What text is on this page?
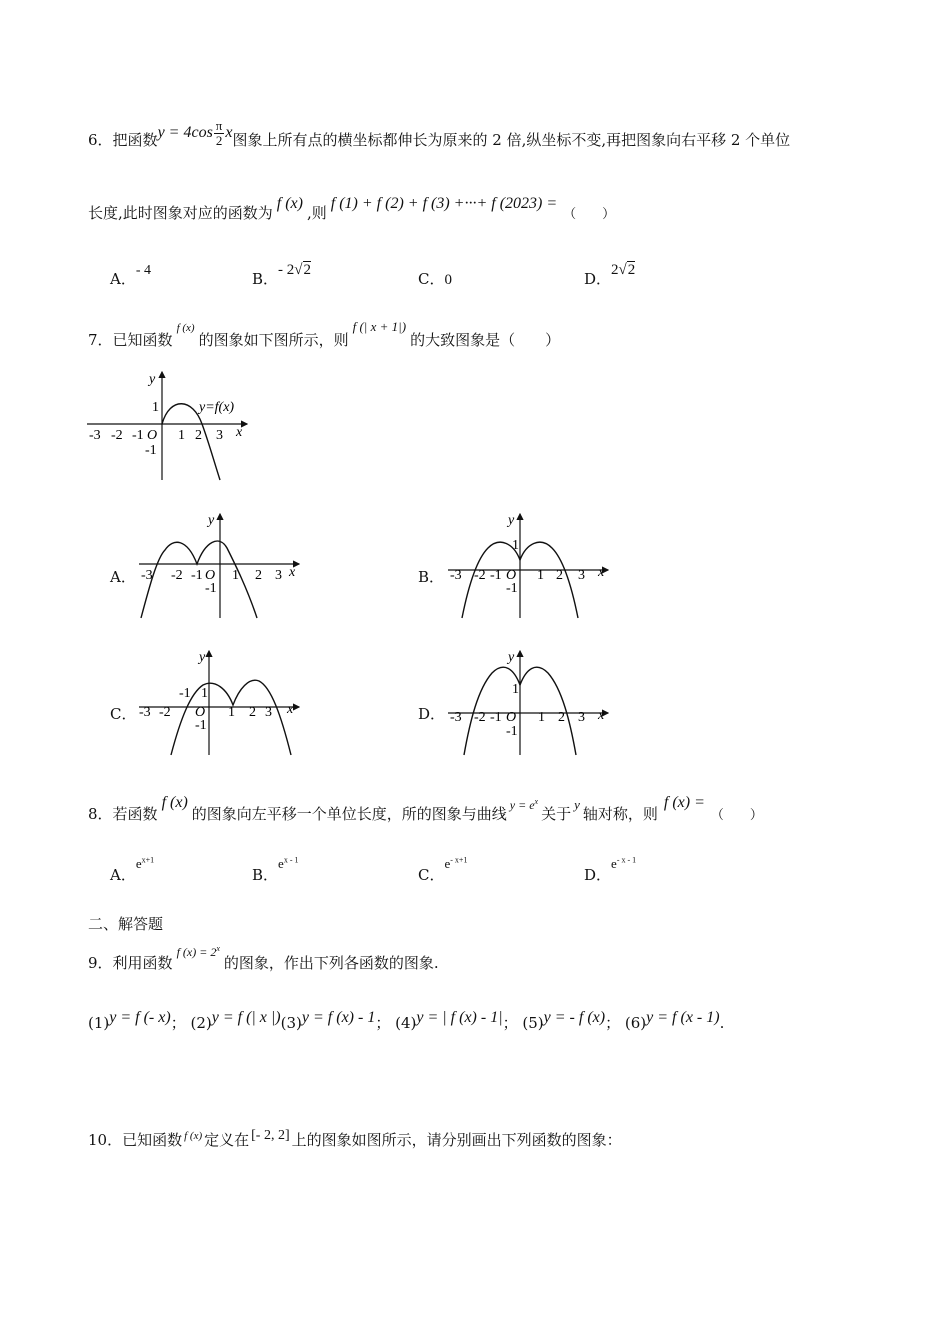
6．把函数$y = 4\cos \frac{\pi}{2}$ x图象上所有点的横坐标都伸长为原来的 2 倍,纵坐标不变,再把图象向右平移 2 个单位
长度,此时图象对应的函数为f (x),则f (1) + f (2) + f (3) +···+ f (2023) =（　　）
A．- 4	B．- 2√2	C．0	D．2√2
7．已知函数$^{f (x)}$的图象如下图所示，则f (| x + 1|)的大致图象是（　　）
y
x
O
y=f(x)
-3 -2 -1 1 2 3
1
-1
A．
y
x
O
-3 -2 -1 1 2 3
-1
B．
y
x
O
-3 -2 -1	1 2 3
1
-1
C．
y
x
O
-3 -2
-1
1 2 3
1
-1
D．
y
x
O
-3 -2 -1	1 2 3
1
-1
8．若函数f (x)的图象向左平移一个单位长度，所的图象与曲线 $^{y = e^x}$关于y轴对称，则f (x) =（　　）
A．$e^{x+1}$
B．$e^{x - 1}$
C．$e^{- x+1}$
D．$e^{- x - 1}$
二、解答题
9．利用函数$^{f (x) = 2^x}$的图象，作出下列各函数的图象.
(1)y = f (- x)； (2)y = f (| x |)(3)y = f (x) - 1； (4)y = | f (x) - 1|； (5)y = - f (x)； (6)y = f (x - 1).
10．已知函数 $^{f (x)}$ 定义在 [- 2, 2] 上的图象如图所示，请分别画出下列函数的图象：
